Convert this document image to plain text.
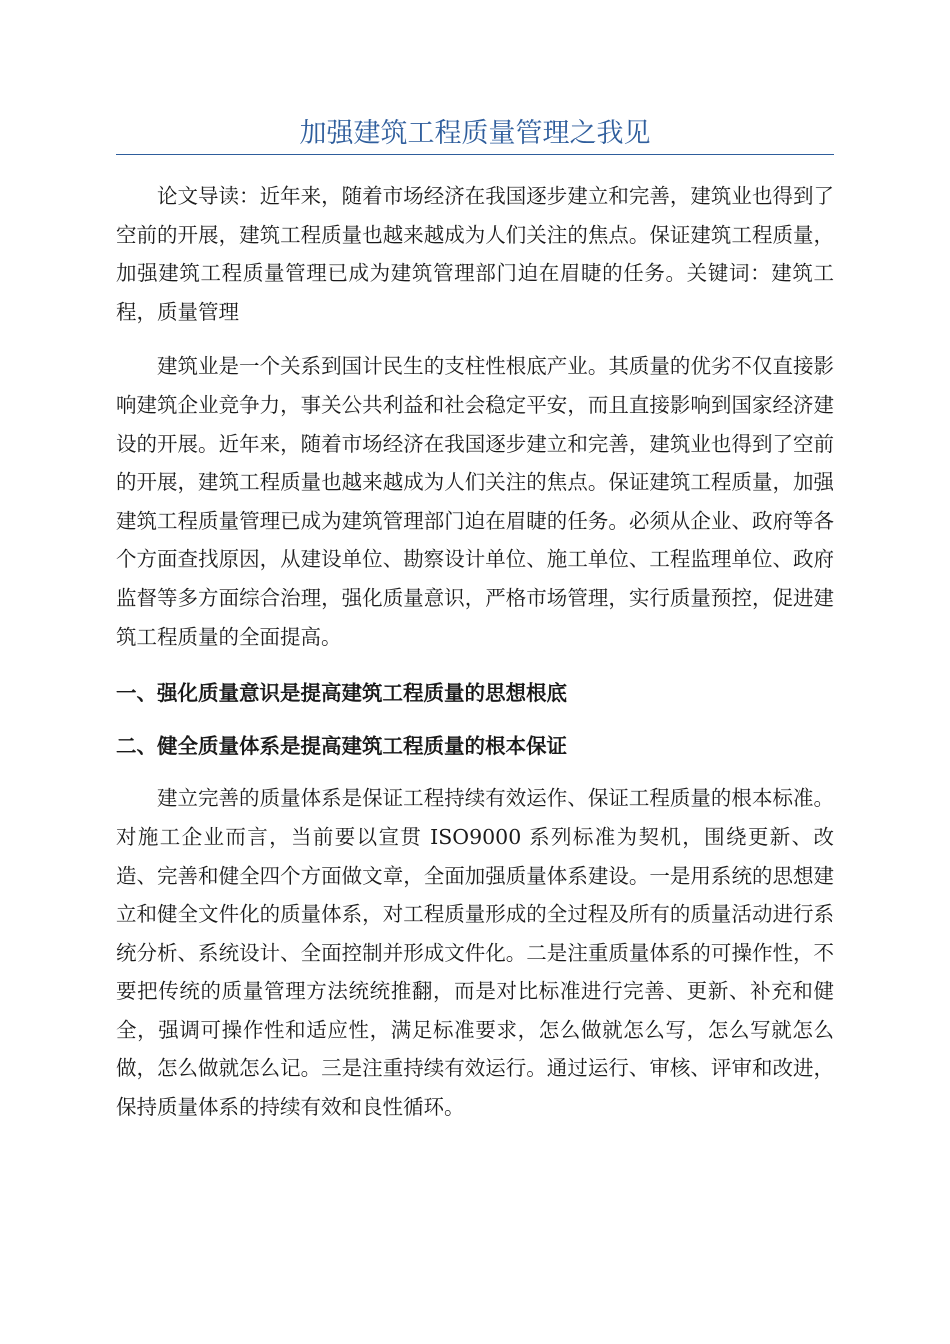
加强建筑工程质量管理之我见

论文导读：近年来，随着市场经济在我国逐步建立和完善，建筑业也得到了空前的开展，建筑工程质量也越来越成为人们关注的焦点。保证建筑工程质量，加强建筑工程质量管理已成为建筑管理部门迫在眉睫的任务。关键词：建筑工程，质量管理

建筑业是一个关系到国计民生的支柱性根底产业。其质量的优劣不仅直接影响建筑企业竞争力，事关公共利益和社会稳定平安，而且直接影响到国家经济建设的开展。近年来，随着市场经济在我国逐步建立和完善，建筑业也得到了空前的开展，建筑工程质量也越来越成为人们关注的焦点。保证建筑工程质量，加强建筑工程质量管理已成为建筑管理部门迫在眉睫的任务。必须从企业、政府等各个方面查找原因，从建设单位、勘察设计单位、施工单位、工程监理单位、政府监督等多方面综合治理，强化质量意识，严格市场管理，实行质量预控，促进建筑工程质量的全面提高。

一、强化质量意识是提高建筑工程质量的思想根底
二、健全质量体系是提高建筑工程质量的根本保证

建立完善的质量体系是保证工程持续有效运作、保证工程质量的根本标准。对施工企业而言，当前要以宣贯 ISO9000 系列标准为契机，围绕更新、改造、完善和健全四个方面做文章，全面加强质量体系建设。一是用系统的思想建立和健全文件化的质量体系，对工程质量形成的全过程及所有的质量活动进行系统分析、系统设计、全面控制并形成文件化。二是注重质量体系的可操作性，不要把传统的质量管理方法统统推翻，而是对比标准进行完善、更新、补充和健全，强调可操作性和适应性，满足标准要求，怎么做就怎么写，怎么写就怎么做，怎么做就怎么记。三是注重持续有效运行。通过运行、审核、评审和改进，保持质量体系的持续有效和良性循环。
